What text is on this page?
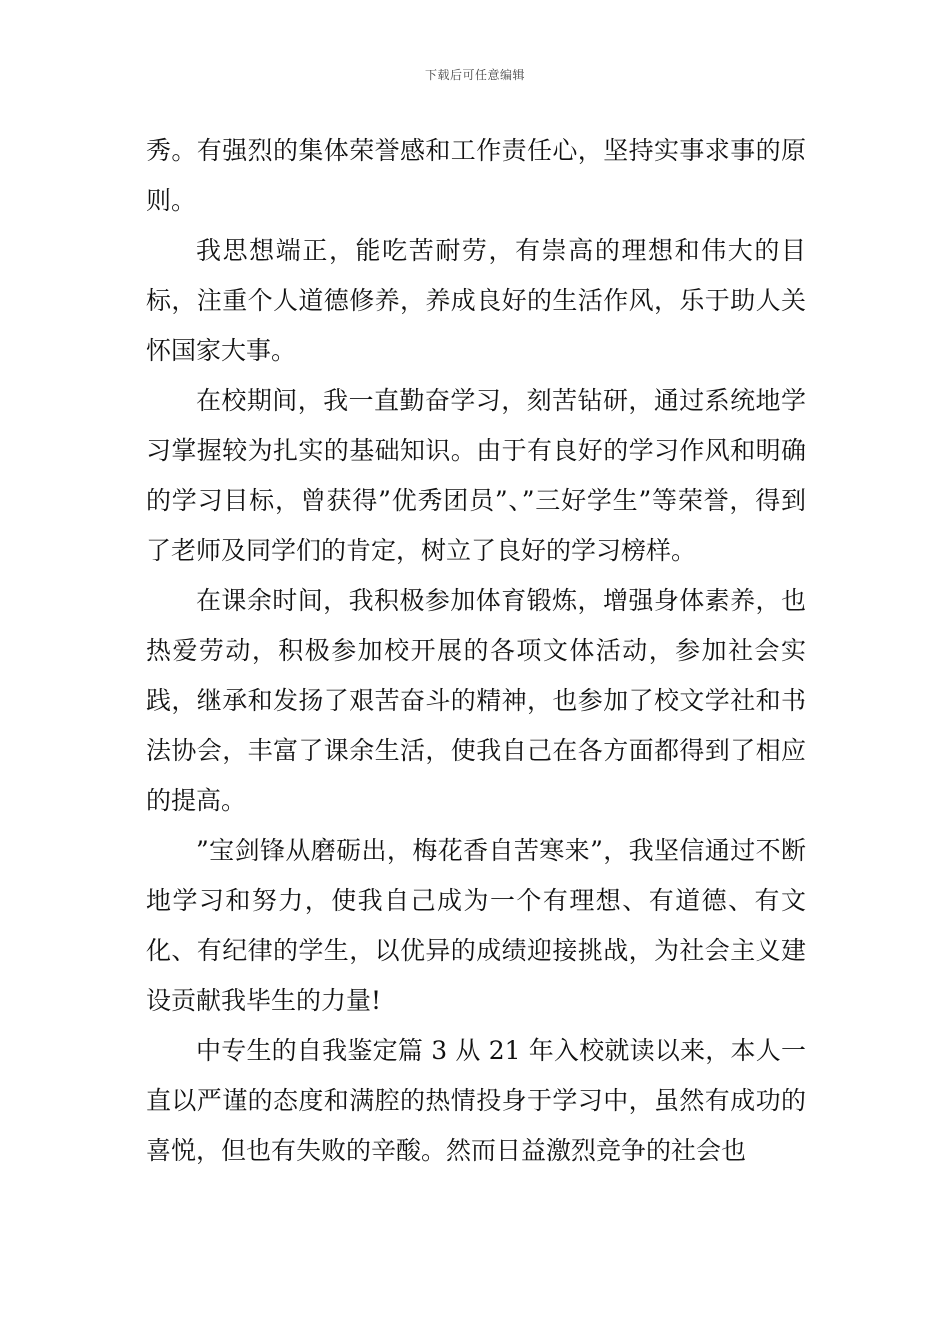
下载后可任意编辑

秀。有强烈的集体荣誉感和工作责任心，坚持实事求事的原则。

我思想端正，能吃苦耐劳，有崇高的理想和伟大的目标，注重个人道德修养，养成良好的生活作风，乐于助人关怀国家大事。

在校期间，我一直勤奋学习，刻苦钻研，通过系统地学习掌握较为扎实的基础知识。由于有良好的学习作风和明确的学习目标，曾获得”优秀团员”、”三好学生”等荣誉，得到了老师及同学们的肯定，树立了良好的学习榜样。

在课余时间，我积极参加体育锻炼，增强身体素养，也热爱劳动，积极参加校开展的各项文体活动，参加社会实践，继承和发扬了艰苦奋斗的精神，也参加了校文学社和书法协会，丰富了课余生活，使我自己在各方面都得到了相应的提高。

”宝剑锋从磨砺出，梅花香自苦寒来”，我坚信通过不断地学习和努力，使我自己成为一个有理想、有道德、有文化、有纪律的学生，以优异的成绩迎接挑战，为社会主义建设贡献我毕生的力量!

中专生的自我鉴定篇 3 从 21 年入校就读以来，本人一直以严谨的态度和满腔的热情投身于学习中，虽然有成功的喜悦，但也有失败的辛酸。然而日益激烈竞争的社会也
